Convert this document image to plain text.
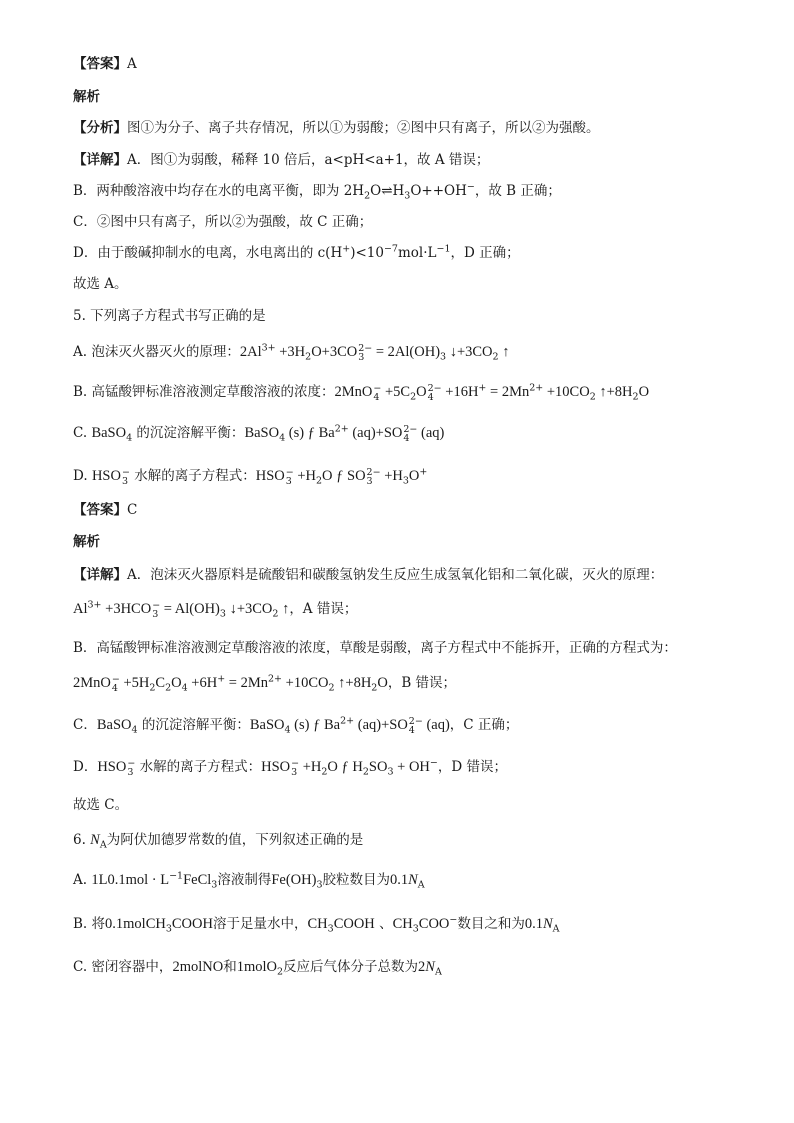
【答案】A
解析
【分析】图①为分子、离子共存情况，所以①为弱酸；②图中只有离子，所以②为强酸。
【详解】A．图①为弱酸，稀释 10 倍后，a<pH<a+1，故 A 错误；
B．两种酸溶液中均存在水的电离平衡，即为 $2H_2O\rightleftharpoons H_3O++OH^-$，故 B 正确；
C．②图中只有离子，所以②为强酸，故 C 正确；
D．由于酸碱抑制水的电离，水电离出的 $c(H^+)<10^{-7}mol\cdot L^{-1}$，D 正确；
故选 A。
5. 下列离子方程式书写正确的是
A. 泡沫灭火器灭火的原理：$2Al^{3+} +3H_2O+3CO$ 2−
$3 = 2Al(OH)_3$ $↓+3CO_2$ ↑
B. 高锰酸钾标准溶液测定草酸溶液的浓度：2MnO −
$4 +5C_2O$ 2−
$4 +16H^+ = 2Mn^{2+} +10CO_2$ $↑+8H_2O$
C. BaSO$_4$ 的沉淀溶解平衡：BaSO$_4$ (s) ƒ $Ba^{2+}$ (aq)+SO 2−
4 (aq)
D. HSO −
3 水解的离子方程式：HSO −
$3 +H_2O$ ƒ SO 2−
$3 +H_3O^+$
【答案】C
解析
【详解】A．泡沫灭火器原料是硫酸铝和碳酸氢钠发生反应生成氢氧化铝和二氧化碳，灭火的原理：
$Al^{3+} +3HCO$ −
$3 = Al(OH)_3$ $↓+3CO_2$ ↑，A 错误；
B．高锰酸钾标准溶液测定草酸溶液的浓度，草酸是弱酸，离子方程式中不能拆开，正确的方程式为：
2MnO −
$4 +5H_2C_2O_4 +6H^+ = 2Mn^{2+} +10CO_2$ $↑+8H_2O$，B 错误；
C．BaSO$_4$ 的沉淀溶解平衡：BaSO$_4$ (s) ƒ $Ba^{2+}$ (aq)+SO 2−
4 (aq)，C 正确；
D．HSO −
3 水解的离子方程式：HSO −
$3 +H_2O$ ƒ $H_2SO_3 + OH^-$，D 错误；
故选 C。
6. $N_A$为阿伏加德罗常数的值，下列叙述正确的是
A. $1L0.1mol \cdot L^{-1}FeCl_3$溶液制得$Fe(OH)_3$胶粒数目为$0.1N_A$
B. 将0.1molCH$_3$COOH溶于足量水中，$CH_3COOH$ 、$CH_3COO^-$数目之和为$0.1N_A$
C. 密闭容器中，2molNO和1molO$_2$反应后气体分子总数为$2N_A$
